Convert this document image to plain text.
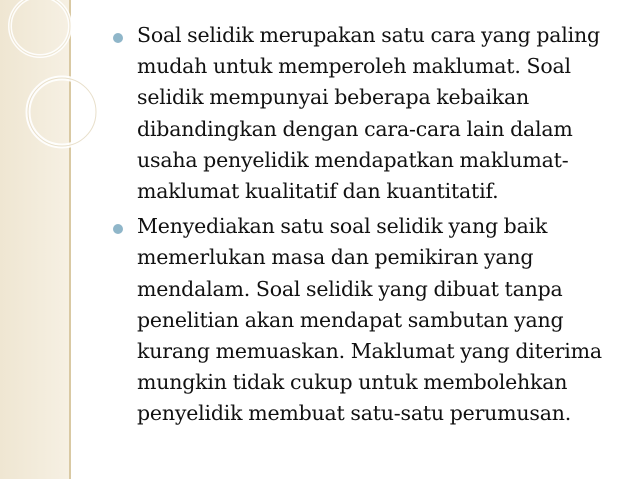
Soal selidik merupakan satu cara yang paling mudah untuk memperoleh maklumat. Soal selidik mempunyai beberapa kebaikan dibandingkan dengan cara-cara lain dalam usaha penyelidik mendapatkan maklumat-maklumat kualitatif dan kuantitatif.
Menyediakan satu soal selidik yang baik memerlukan masa dan pemikiran yang mendalam. Soal selidik yang dibuat tanpa penelitian akan mendapat sambutan yang kurang memuaskan. Maklumat yang diterima mungkin tidak cukup untuk membolehkan penyelidik membuat satu-satu perumusan.
